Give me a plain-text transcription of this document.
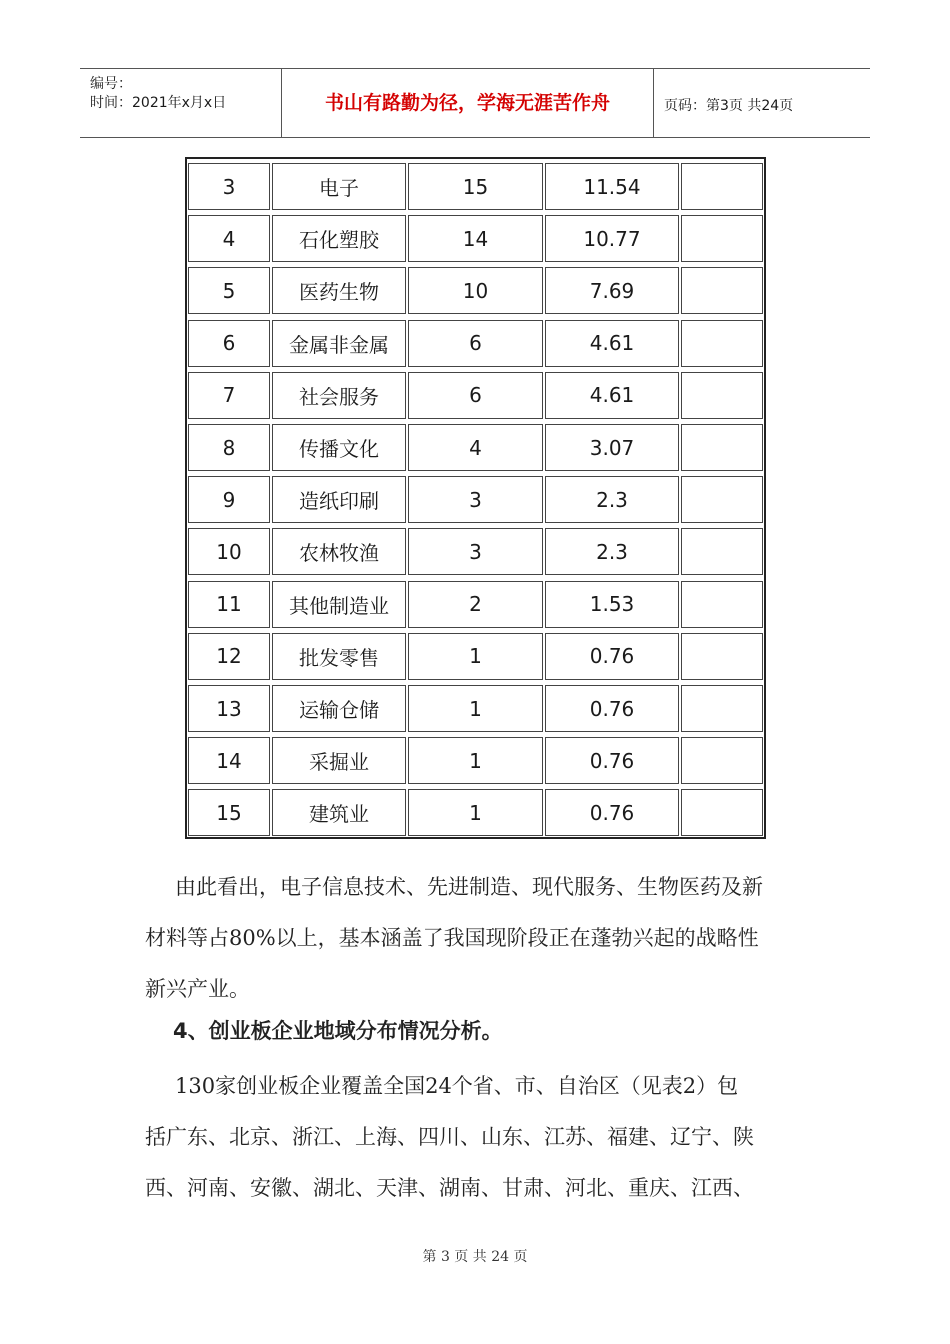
编号：
时间：2021年x月x日	书山有路勤为径，学海无涯苦作舟	页码：第3页 共24页
3	电子	15	11.54
4	石化塑胶	14	10.77
5	医药生物	10	7.69
6	金属非金属	6	4.61
7	社会服务	6	4.61
8	传播文化	4	3.07
9	造纸印刷	3	2.3
10	农林牧渔	3	2.3
11	其他制造业	2	1.53
12	批发零售	1	0.76
13	运输仓储	1	0.76
14	采掘业	1	0.76
15	建筑业	1	0.76
由此看出，电子信息技术、先进制造、现代服务、生物医药及新
材料等占80%以上，基本涵盖了我国现阶段正在蓬勃兴起的战略性
新兴产业。
4、创业板企业地域分布情况分析。
130家创业板企业覆盖全国24个省、市、自治区（见表2）包
括广东、北京、浙江、上海、四川、山东、江苏、福建、辽宁、陕
西、河南、安徽、湖北、天津、湖南、甘肃、河北、重庆、江西、
第 3 页 共 24 页
